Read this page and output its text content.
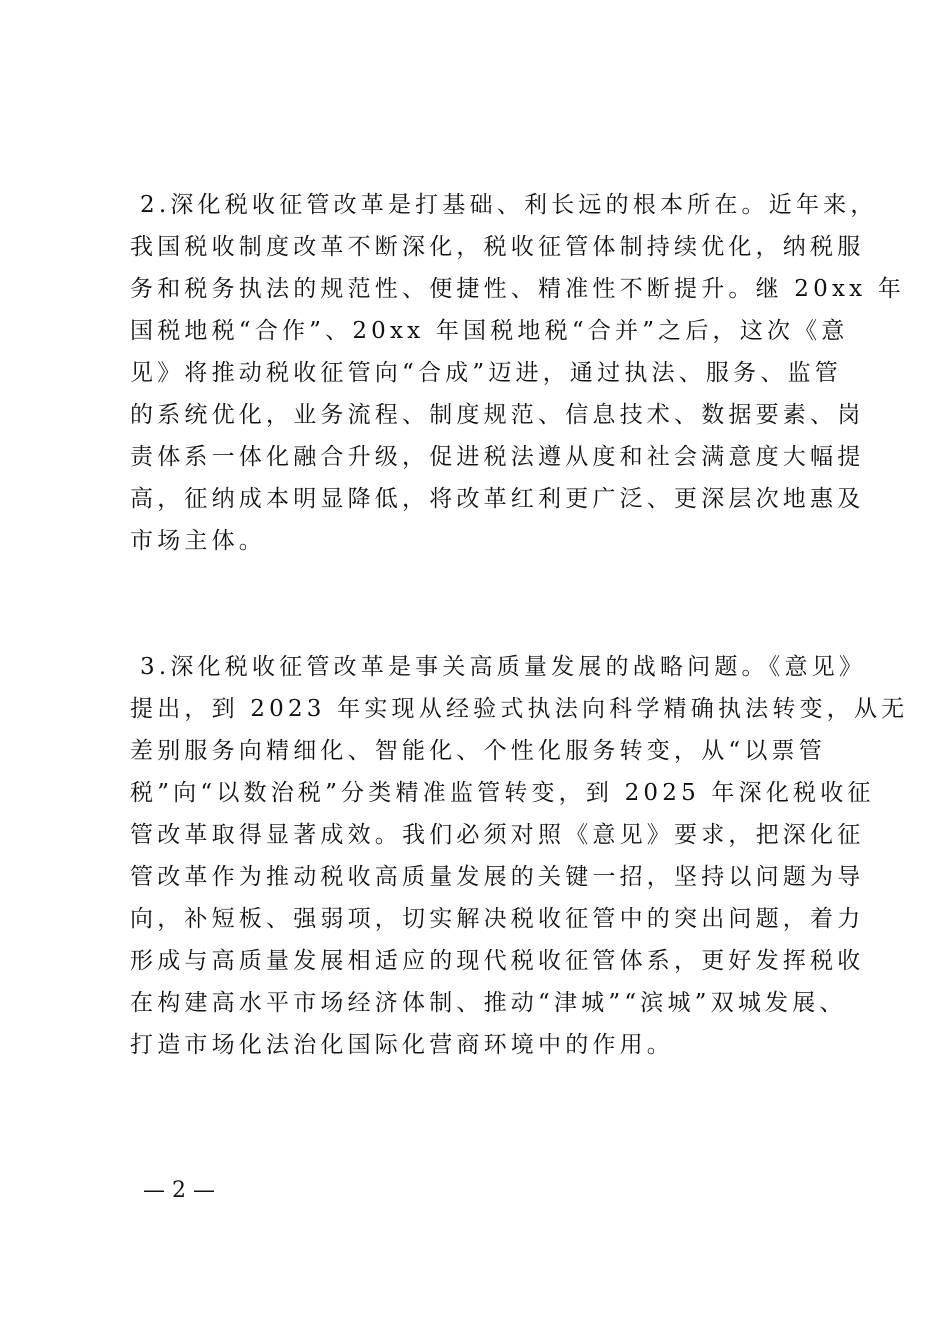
2.深化税收征管改革是打基础、利长远的根本所在。近年来，
我国税收制度改革不断深化，税收征管体制持续优化，纳税服
务和税务执法的规范性、便捷性、精准性不断提升。继 20xx 年
国税地税“合作”、20xx 年国税地税“合并”之后，这次《意
见》将推动税收征管向“合成”迈进，通过执法、服务、监管
的系统优化，业务流程、制度规范、信息技术、数据要素、岗
责体系一体化融合升级，促进税法遵从度和社会满意度大幅提
高，征纳成本明显降低，将改革红利更广泛、更深层次地惠及
市场主体。
3.深化税收征管改革是事关高质量发展的战略问题。《意见》
提出，到 2023 年实现从经验式执法向科学精确执法转变，从无
差别服务向精细化、智能化、个性化服务转变，从“以票管
税”向“以数治税”分类精准监管转变，到 2025 年深化税收征
管改革取得显著成效。我们必须对照《意见》要求，把深化征
管改革作为推动税收高质量发展的关键一招，坚持以问题为导
向，补短板、强弱项，切实解决税收征管中的突出问题，着力
形成与高质量发展相适应的现代税收征管体系，更好发挥税收
在构建高水平市场经济体制、推动“津城”“滨城”双城发展、
打造市场化法治化国际化营商环境中的作用。
— 2 —
